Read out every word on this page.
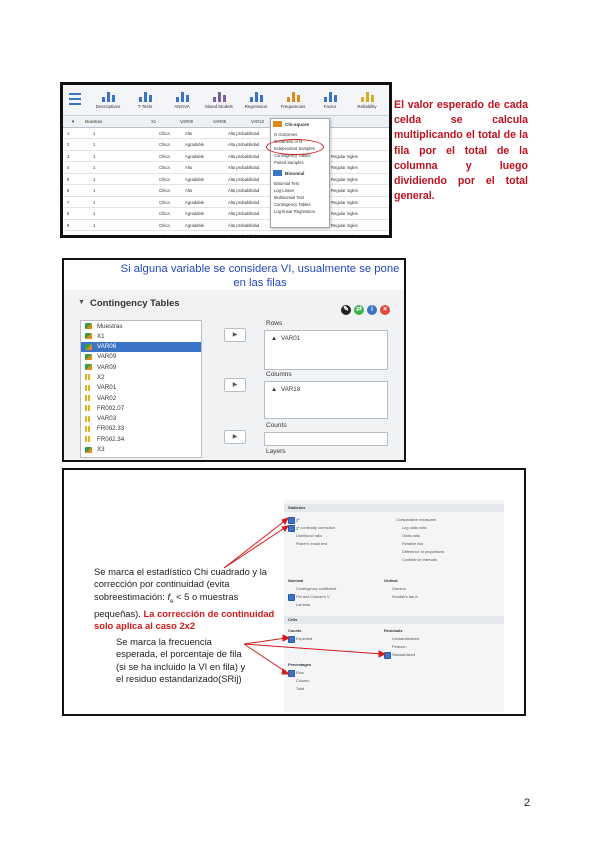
Descriptives	T-Tests	ANOVA	Mixed Models	Regression	Frequencies	Factor	Reliability
▼ Muestras	X1	VAR09	VAR09	VAR10
1	1	Chica	Alto	Alta probabilidad
2	1	Chica	Agradable	Alta probabilidad
3	1	Chica	Agradable	Alta probabilidad	Regular ingles
4	1	Chica	Alto	Alta probabilidad	Regular ingles
5	1	Chica	Agradable	Alta probabilidad	Regular ingles
6	1	Chica	Alto	Alta probabilidad	Regular ingles
7	1	Chica	Agradable	Alta probabilidad	Regular ingles
8	1	Chica	Agradable	Alta probabilidad	Regular ingles
9	1	Chica	Agradable	Alta probabilidad	Regular ingles
10	1	Chica	Alto	Alta probabilidad	Regular ingles
Chi-square
N Outcomes
Goodness of fit
Independent Samples
Contingency Tables
Paired Samples
Binomial
Binomial Test
Log-Linear
Multinomial Test
Contingency Tables
Log-linear Regression
El valor esperado de cada celda se calcula multiplicando el total de la fila por el total de la columna y luego dividiendo por el total general.
▼ Contingency Tables
✎ ⇄ i ×
Muestras
X1
VAR06
VAR09
VAR09
X2
VAR01
VAR02
FR002.07
VAR03
FR002.33
FR002.34
X3
▶
▶
▶
Rows
▲ VAR01
Columns
▲ VAR18
Counts
Layers
Si alguna variable se considera VI, usualmente se pone en las filas
Statistics
χ²
χ² continuity correction
Likelihood ratio
Fisher's exact test
Comparative measures
Log odds ratio
Odds ratio
Relative risk
Difference in proportions
Confidence intervals
Nominal
Contingency coefficient
Phi and Cramer's V
Lambda
Ordinal
Gamma
Kendall's tau-b
Cells
Counts
Expected
Residuals
Unstandardized
Pearson
Standardized
Percentages
Row
Column
Total
Se marca el estadístico Chi cuadrado y la corrección por continuidad (evita sobreestimación: $f_e < 5$ o muestras pequeñas). La corrección de continuidad solo aplica al caso 2x2
Se marca la frecuencia esperada, el porcentaje de fila (si se ha incluido la VI en fila) y el residuo estandarizado(SRij)
2
